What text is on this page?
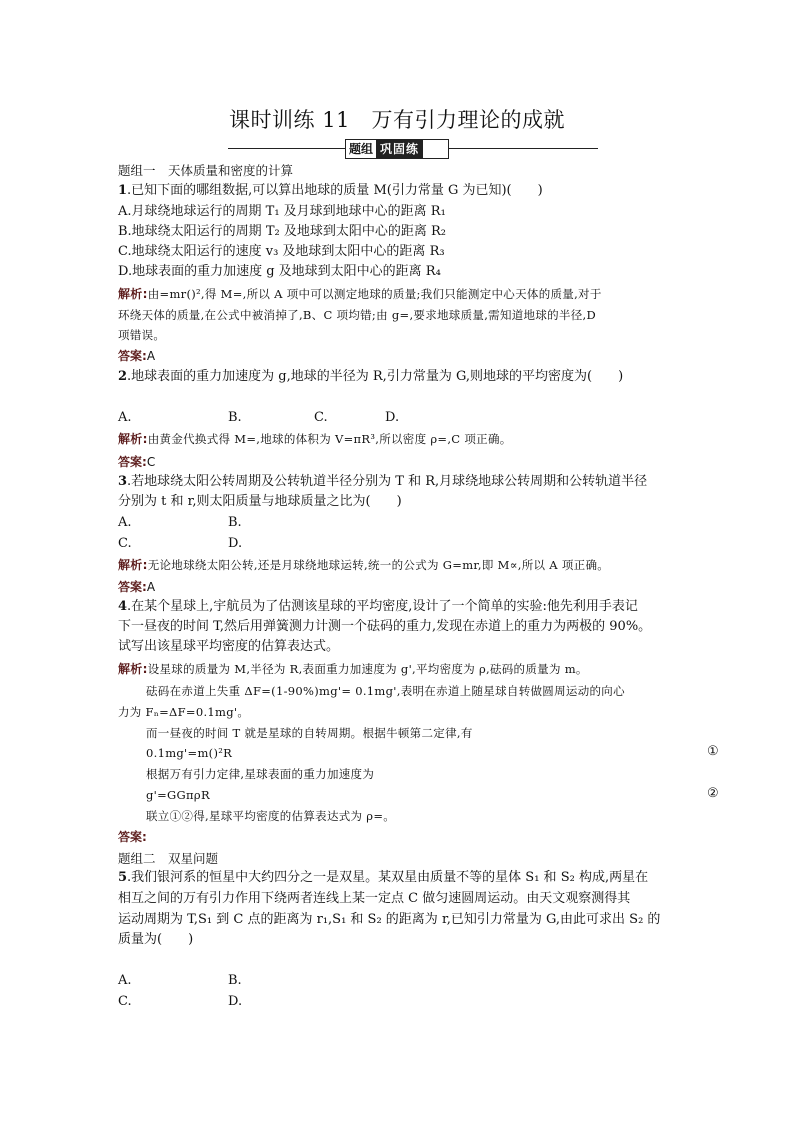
课时训练 11　万有引力理论的成就
题组 巩固练
题组一　天体质量和密度的计算
1.已知下面的哪组数据,可以算出地球的质量 M(引力常量 G 为已知)(　　)
A.月球绕地球运行的周期 T₁ 及月球到地球中心的距离 R₁
B.地球绕太阳运行的周期 T₂ 及地球到太阳中心的距离 R₂
C.地球绕太阳运行的速度 v₃ 及地球到太阳中心的距离 R₃
D.地球表面的重力加速度 g 及地球到太阳中心的距离 R₄
解析:由=mr()²,得 M=,所以 A 项中可以测定地球的质量;我们只能测定中心天体的质量,对于
环绕天体的质量,在公式中被消掉了,B、C 项均错;由 g=,要求地球质量,需知道地球的半径,D
项错误。
答案:A
2.地球表面的重力加速度为 g,地球的半径为 R,引力常量为 G,则地球的平均密度为(　　)
A.	B.	C.	D.
解析:由黄金代换式得 M=,地球的体积为 V=πR³,所以密度 ρ=,C 项正确。
答案:C
3.若地球绕太阳公转周期及公转轨道半径分别为 T 和 R,月球绕地球公转周期和公转轨道半径
分别为 t 和 r,则太阳质量与地球质量之比为(　　)
A.	B.
C.	D.
解析:无论地球绕太阳公转,还是月球绕地球运转,统一的公式为 G=mr,即 M∝,所以 A 项正确。
答案:A
4.在某个星球上,宇航员为了估测该星球的平均密度,设计了一个简单的实验:他先利用手表记
下一昼夜的时间 T,然后用弹簧测力计测一个砝码的重力,发现在赤道上的重力为两极的 90%。
试写出该星球平均密度的估算表达式。
解析:设星球的质量为 M,半径为 R,表面重力加速度为 g',平均密度为 ρ,砝码的质量为 m。
砝码在赤道上失重 ΔF=(1-90%)mg'= 0.1mg',表明在赤道上随星球自转做圆周运动的向心
力为 Fₙ=ΔF=0.1mg'。
而一昼夜的时间 T 就是星球的自转周期。根据牛顿第二定律,有
0.1mg'=m()²R	①
根据万有引力定律,星球表面的重力加速度为
g'=GGπρR	②
联立①②得,星球平均密度的估算表达式为 ρ=。
答案:
题组二　双星问题
5.我们银河系的恒星中大约四分之一是双星。某双星由质量不等的星体 S₁ 和 S₂ 构成,两星在
相互之间的万有引力作用下绕两者连线上某一定点 C 做匀速圆周运动。由天文观察测得其
运动周期为 T,S₁ 到 C 点的距离为 r₁,S₁ 和 S₂ 的距离为 r,已知引力常量为 G,由此可求出 S₂ 的
质量为(　　)
A.	B.
C.	D.
